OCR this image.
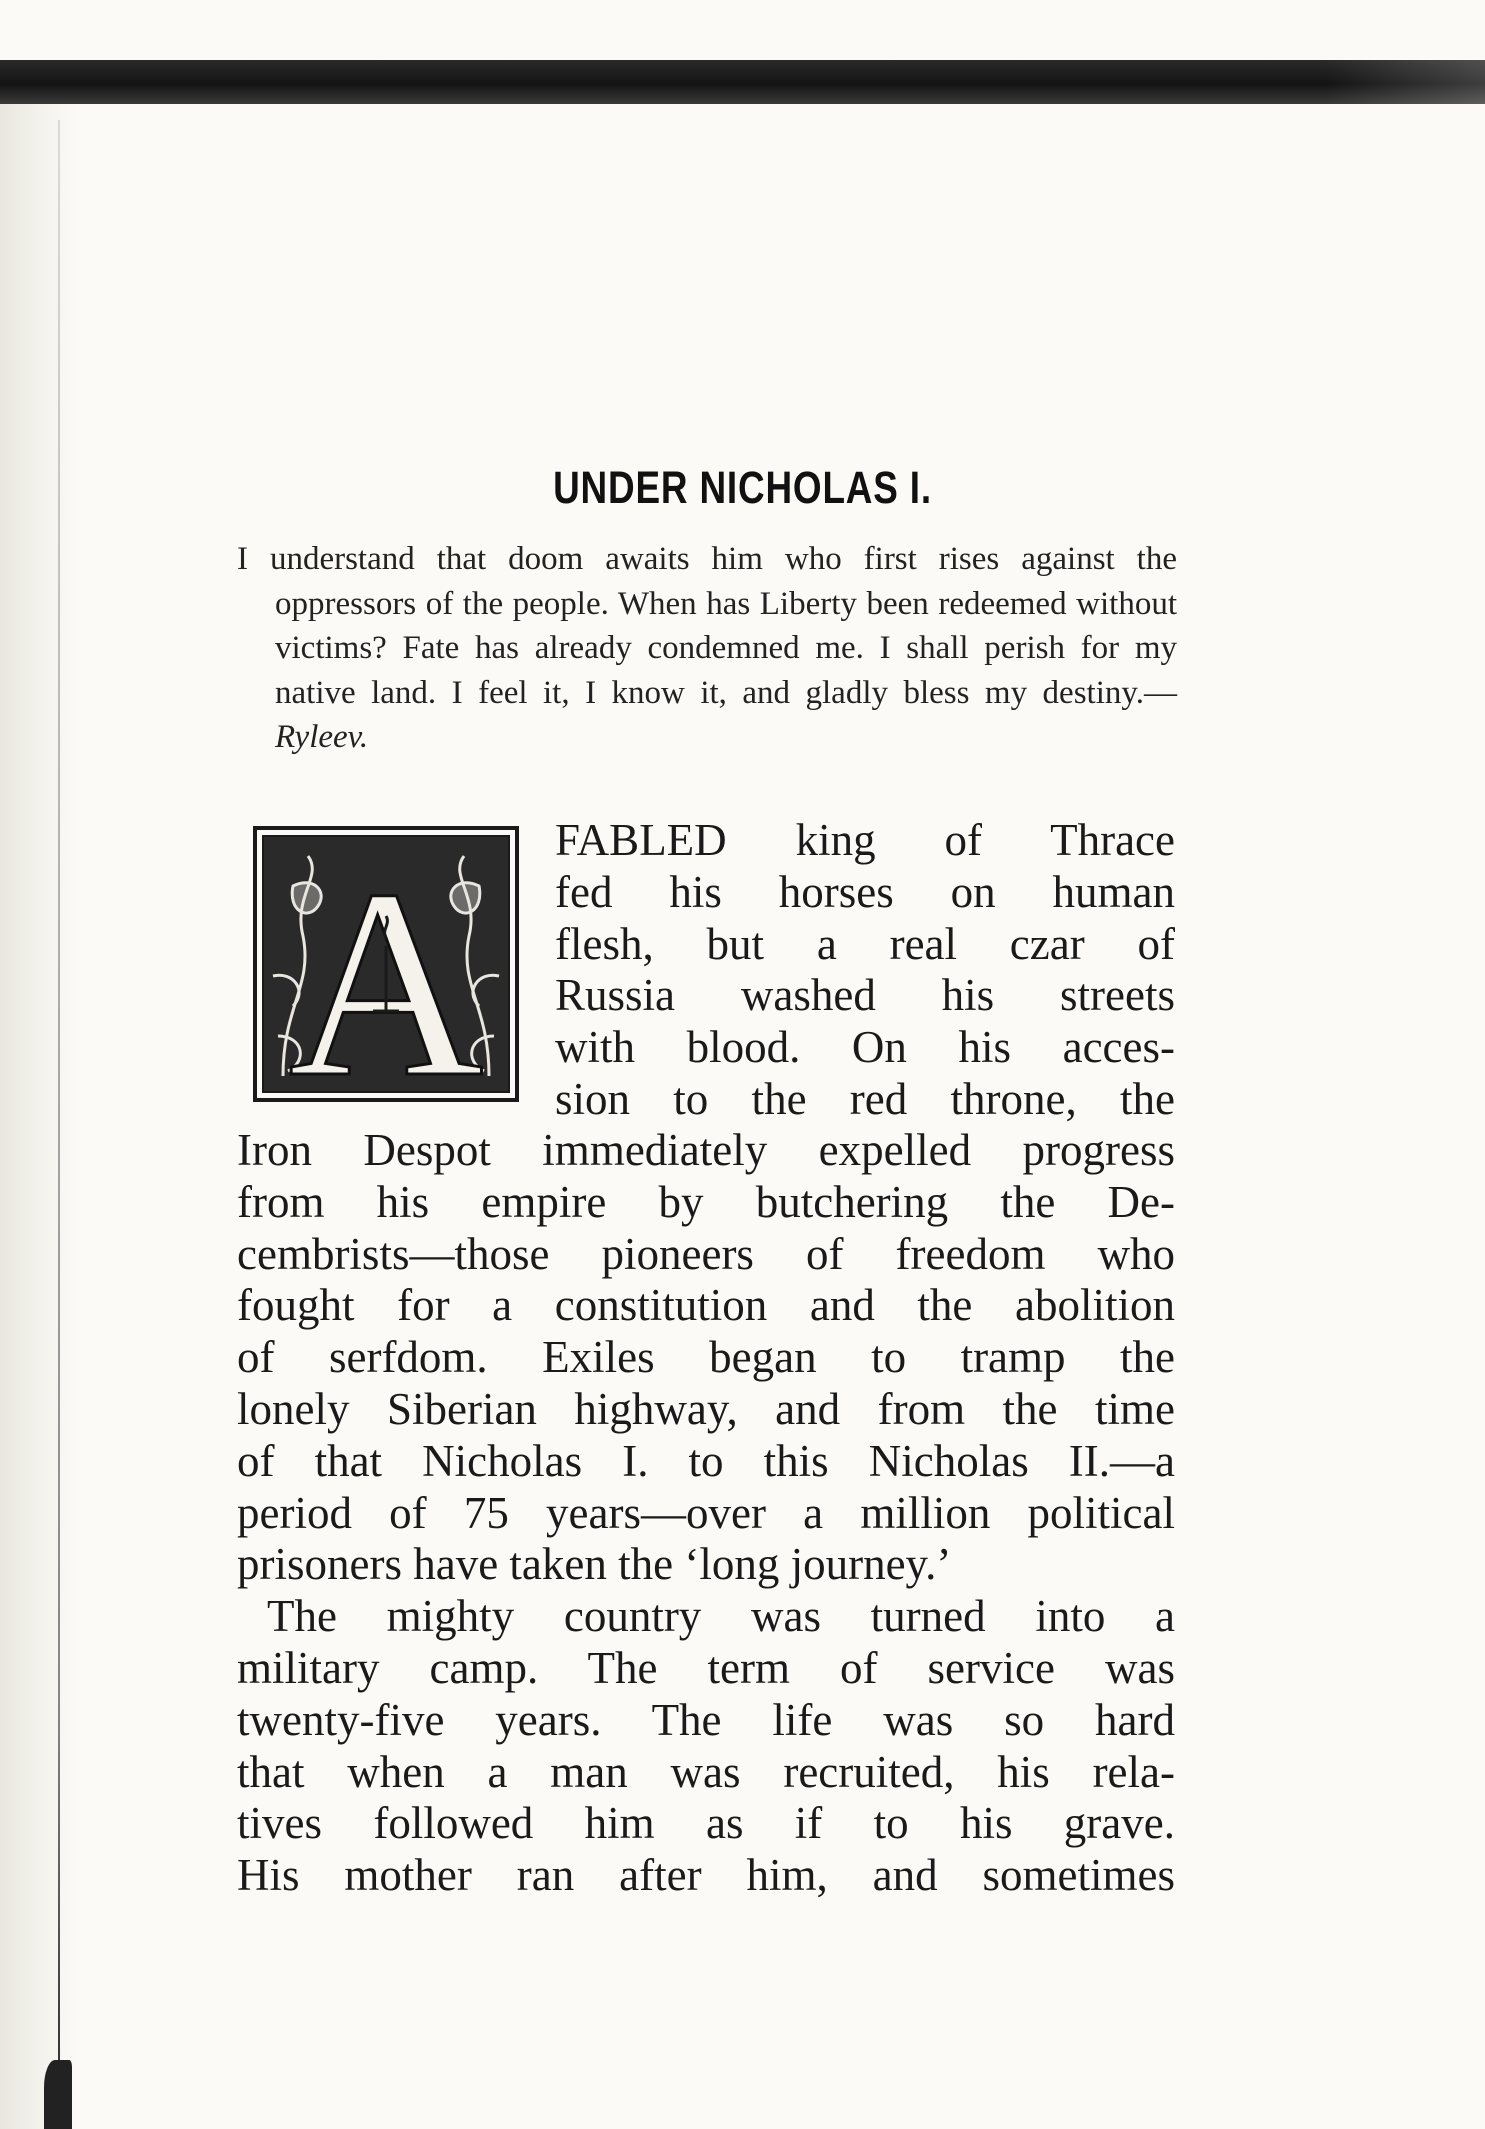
UNDER NICHOLAS I.

I understand that doom awaits him who first rises against the oppressors of the people. When has Liberty been redeemed without victims? Fate has already condemned me. I shall perish for my native land. I feel it, I know it, and gladly bless my destiny.—Ryleev.

A FABLED king of Thrace
fed his horses on human
flesh, but a real czar of
Russia washed his streets
with blood. On his acces-
sion to the red throne, the
Iron Despot immediately expelled progress
from his empire by butchering the De-
cembrists—those pioneers of freedom who
fought for a constitution and the abolition
of serfdom. Exiles began to tramp the
lonely Siberian highway, and from the time
of that Nicholas I. to this Nicholas II.—a
period of 75 years—over a million political
prisoners have taken the ‘long journey.’
The mighty country was turned into a
military camp. The term of service was
twenty-five years. The life was so hard
that when a man was recruited, his rela-
tives followed him as if to his grave.
His mother ran after him, and sometimes
